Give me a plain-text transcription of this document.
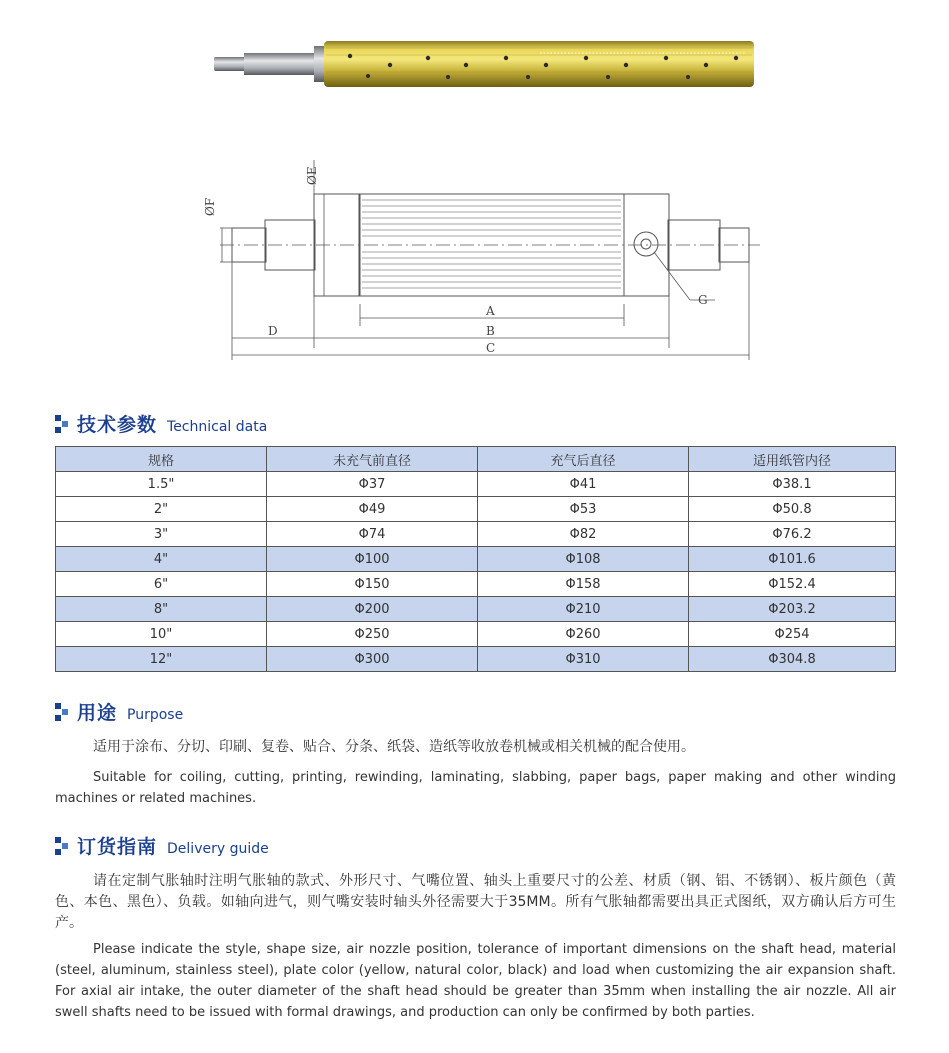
ØE
ØF
A
B
C
D
G
技术参数 Technical data
规格	未充气前直径	充气后直径	适用纸管内径
1.5"	Φ37	Φ41	Φ38.1
2"	Φ49	Φ53	Φ50.8
3"	Φ74	Φ82	Φ76.2
4"	Φ100	Φ108	Φ101.6
6"	Φ150	Φ158	Φ152.4
8"	Φ200	Φ210	Φ203.2
10"	Φ250	Φ260	Φ254
12"	Φ300	Φ310	Φ304.8
用途 Purpose
适用于涂布、分切、印刷、复卷、贴合、分条、纸袋、造纸等收放卷机械或相关机械的配合使用。
Suitable for coiling, cutting, printing, rewinding, laminating, slabbing, paper bags, paper making and other winding machines or related machines.
订货指南 Delivery guide
请在定制气胀轴时注明气胀轴的款式、外形尺寸、气嘴位置、轴头上重要尺寸的公差、材质（钢、铝、不锈钢）、板片颜色（黄色、本色、黑色）、负载。如轴向进气，则气嘴安装时轴头外径需要大于35MM。所有气胀轴都需要出具正式图纸，双方确认后方可生产。
Please indicate the style, shape size, air nozzle position, tolerance of important dimensions on the shaft head, material (steel, aluminum, stainless steel), plate color (yellow, natural color, black) and load when customizing the air expansion shaft. For axial air intake, the outer diameter of the shaft head should be greater than 35mm when installing the air nozzle. All air swell shafts need to be issued with formal drawings, and production can only be confirmed by both parties.
